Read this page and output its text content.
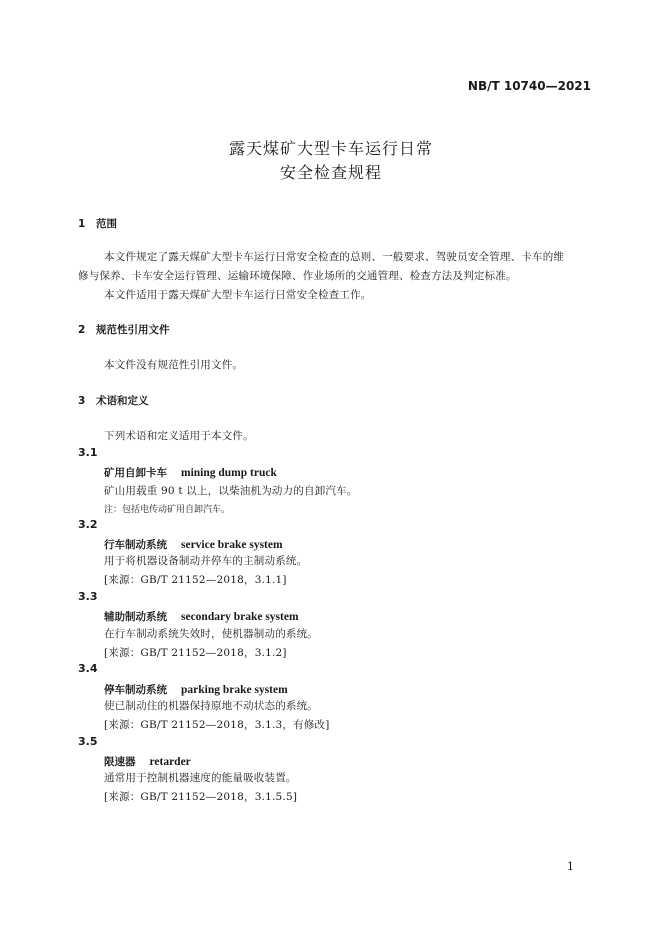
NB/T 10740—2021
露天煤矿大型卡车运行日常
安全检查规程
1 范围
本文件规定了露天煤矿大型卡车运行日常安全检查的总则、一般要求、驾驶员安全管理、卡车的维
修与保养、卡车安全运行管理、运输环境保障、作业场所的交通管理、检查方法及判定标准。
本文件适用于露天煤矿大型卡车运行日常安全检查工作。
2 规范性引用文件
本文件没有规范性引用文件。
3 术语和定义
下列术语和定义适用于本文件。
3.1
矿用自卸卡车 mining dump truck
矿山用载重 90 t 以上，以柴油机为动力的自卸汽车。
注：包括电传动矿用自卸汽车。
3.2
行车制动系统 service brake system
用于将机器设备制动并停车的主制动系统。
[来源：GB/T 21152—2018，3.1.1]
3.3
辅助制动系统 secondary brake system
在行车制动系统失效时，使机器制动的系统。
[来源：GB/T 21152—2018，3.1.2]
3.4
停车制动系统 parking brake system
使已制动住的机器保持原地不动状态的系统。
[来源：GB/T 21152—2018，3.1.3，有修改]
3.5
限速器 retarder
通常用于控制机器速度的能量吸收装置。
[来源：GB/T 21152—2018，3.1.5.5]
1
